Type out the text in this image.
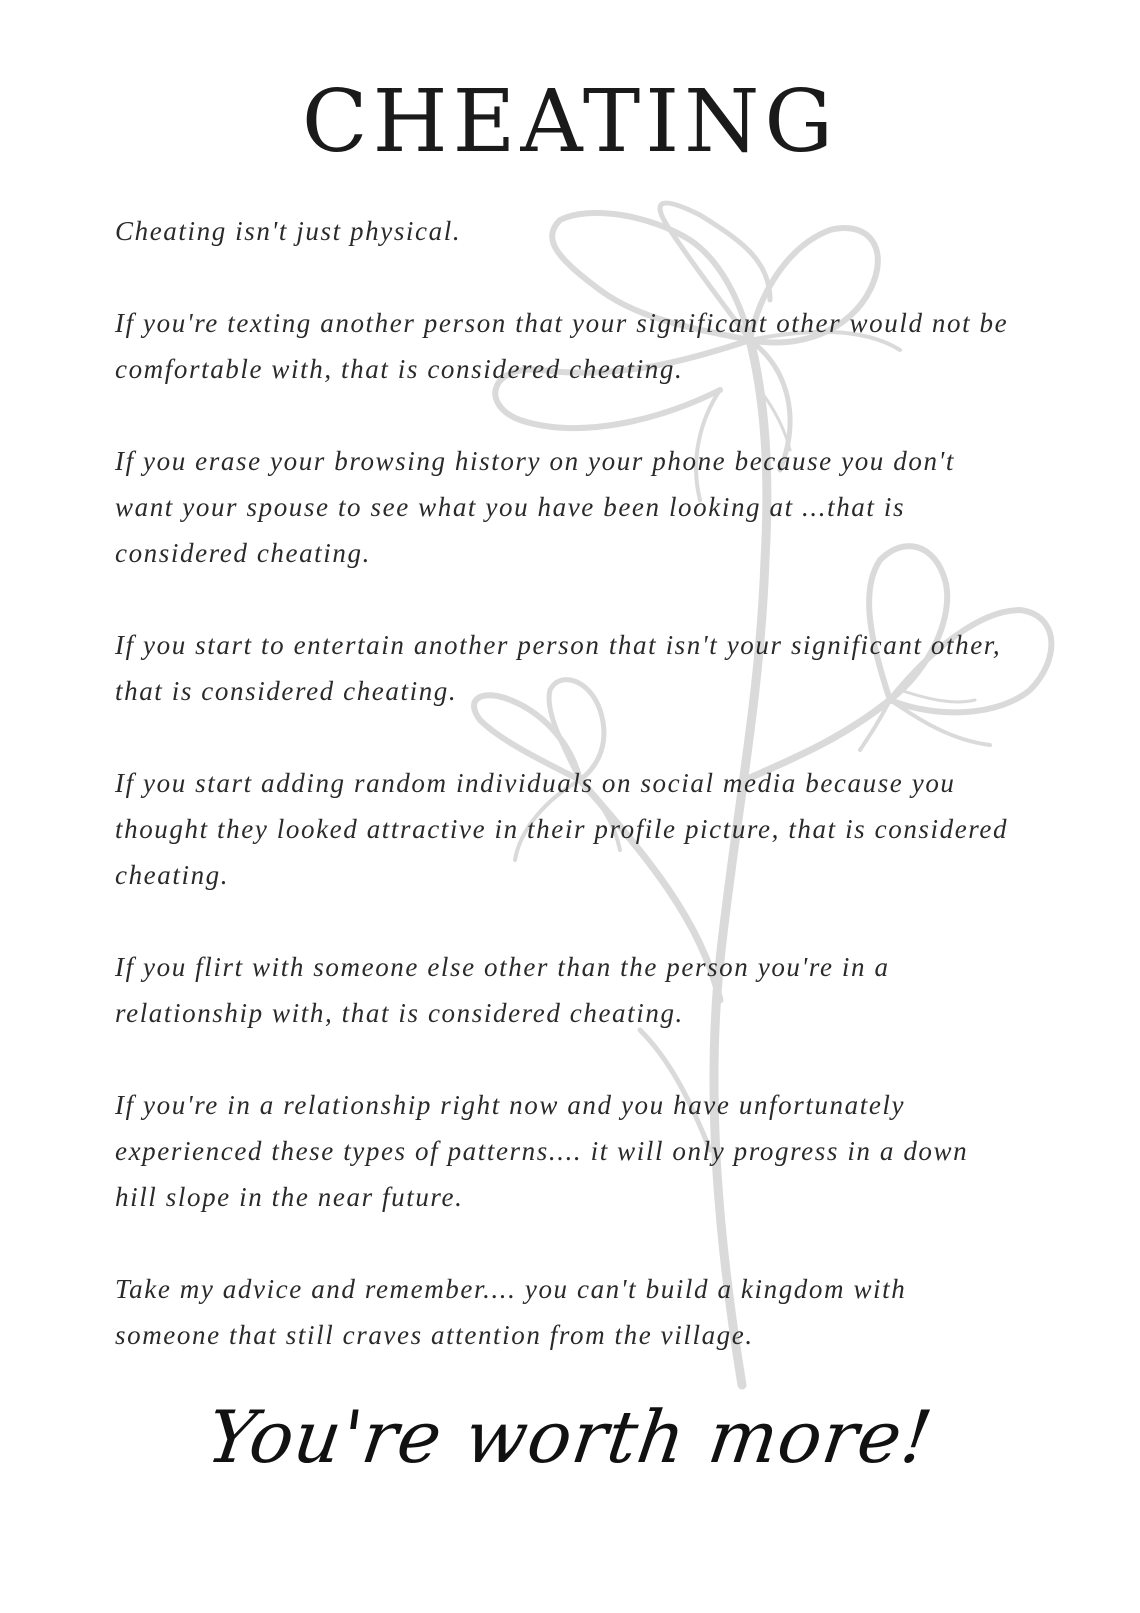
CHEATING

Cheating isn't just physical.

If you're texting another person that your significant other would not be comfortable with, that is considered cheating.

If you erase your browsing history on your phone because you don't want your spouse to see what you have been looking at ...that is considered cheating.

If you start to entertain another person that isn't your significant other, that is considered cheating.

If you start adding random individuals on social media because you thought they looked attractive in their profile picture, that is considered cheating.

If you flirt with someone else other than the person you're in a relationship with, that is considered cheating.

If you're in a relationship right now and you have unfortunately experienced these types of patterns.... it will only progress in a down hill slope in the near future.

Take my advice and remember.... you can't build a kingdom with someone that still craves attention from the village.

You're worth more!
